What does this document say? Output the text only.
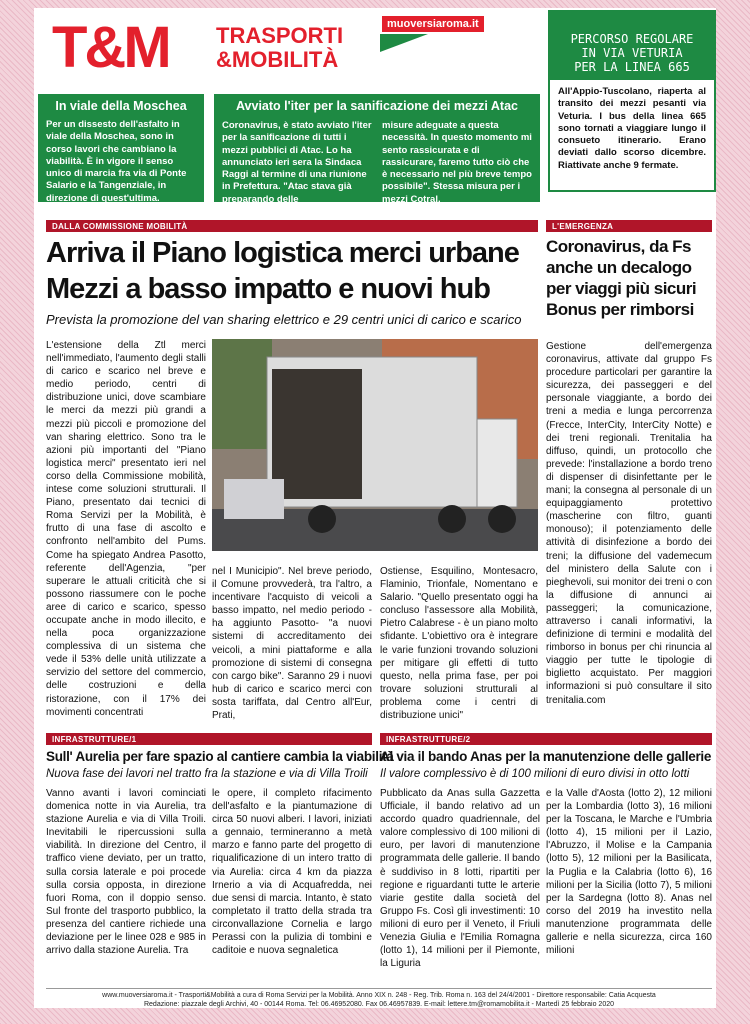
T&M TRASPORTI
&MOBILITÀ
muoversiaroma.it
PERCORSO REGOLARE
IN VIA VETURIA
PER LA LINEA 665
All'Appio-Tuscolano, riaperta al transito dei mezzi pesanti via Veturia. I bus della linea 665 sono tornati a viaggiare lungo il consueto itinerario. Erano deviati dallo scorso dicembre. Riattivate anche 9 fermate.
In viale della Moschea
Per un dissesto dell'asfalto in viale della Moschea, sono in corso lavori che cambiano la viabilità. È in vigore il senso unico di marcia fra via di Ponte Salario e la Tangenziale, in direzione di quest'ultima.
Avviato l'iter per la sanificazione dei mezzi Atac
Coronavirus, è stato avviato l'iter per la sanificazione di tutti i mezzi pubblici di Atac. Lo ha annunciato ieri sera la Sindaca Raggi al termine di una riunione in Prefettura. "Atac stava già preparando delle
misure adeguate a questa necessità. In questo momento mi sento rassicurata e di rassicurare, faremo tutto ciò che è necessario nel più breve tempo possibile". Stessa misura per i mezzi Cotral.
DALLA COMMISSIONE MOBILITÀ
Arriva il Piano logistica merci urbane
Mezzi a basso impatto e nuovi hub
Prevista la promozione del van sharing elettrico e 29 centri unici di carico e scarico
L'estensione della Ztl merci nell'immediato, l'aumento degli stalli di carico e scarico nel breve e medio periodo, centri di distribuzione unici, dove scambiare le merci da mezzi più grandi a mezzi più piccoli e promozione del van sharing elettrico. Sono tra le azioni più importanti del "Piano logistica merci" presentato ieri nel corso della Commissione mobilità, intese come soluzioni strutturali. Il Piano, presentato dai tecnici di Roma Servizi per la Mobilità, è frutto di una fase di ascolto e confronto nell'ambito del Pums. Come ha spiegato Andrea Pasotto, referente dell'Agenzia, "per superare le attuali criticità che si possono riassumere con le poche aree di carico e scarico, spesso occupate anche in modo illecito, e nella poca organizzazione complessiva di un sistema che vede il 53% delle unità utilizzate a servizio del settore del commercio, delle costruzioni e della ristorazione, con il 17% dei movimenti concentrati
nel I Municipio". Nel breve periodo, il Comune provvederà, tra l'altro, a incentivare l'acquisto di veicoli a basso impatto, nel medio periodo - ha aggiunto Pasotto- "a nuovi sistemi di accreditamento dei veicoli, a mini piattaforme e alla promozione di sistemi di consegna con cargo bike". Saranno 29 i nuovi hub di carico e scarico merci con sosta tariffata, dal Centro all'Eur, Prati,
Ostiense, Esquilino, Montesacro, Flaminio, Trionfale, Nomentano e Salario. "Quello presentato oggi ha concluso l'assessore alla Mobilità, Pietro Calabrese - è un piano molto sfidante. L'obiettivo ora è integrare le varie funzioni trovando soluzioni per mitigare gli effetti di tutto questo, nella prima fase, per poi trovare soluzioni strutturali al problema come i centri di distribuzione unici"
L'EMERGENZA
Coronavirus, da Fs
anche un decalogo
per viaggi più sicuri
Bonus per rimborsi
Gestione dell'emergenza coronavirus, attivate dal gruppo Fs procedure particolari per garantire la sicurezza, dei passeggeri e del personale viaggiante, a bordo dei treni a media e lunga percorrenza (Frecce, InterCity, InterCity Notte) e dei treni regionali. Trenitalia ha diffuso, quindi, un protocollo che prevede: l'installazione a bordo treno di dispenser di disinfettante per le mani; la consegna al personale di un equipaggiamento protettivo (mascherine con filtro, guanti monouso); il potenziamento delle attività di disinfezione a bordo dei treni; la diffusione del vademecum del ministero della Salute con i pieghevoli, sui monitor dei treni o con la diffusione di annunci ai passeggeri; la comunicazione, attraverso i canali informativi, la definizione di termini e modalità del rimborso in bonus per chi rinuncia al viaggio per tutte le tipologie di biglietto acquistato. Per maggiori informazioni si può consultare il sito trenitalia.com
INFRASTRUTTURE/1
Sull' Aurelia per fare spazio al cantiere cambia la viabilità
Nuova fase dei lavori nel tratto fra la stazione e via di Villa Troili
Vanno avanti i lavori cominciati domenica notte in via Aurelia, tra stazione Aurelia e via di Villa Troili. Inevitabili le ripercussioni sulla viabilità. In direzione del Centro, il traffico viene deviato, per un tratto, sulla corsia laterale e poi procede sulla corsia opposta, in direzione fuori Roma, con il doppio senso. Sul fronte del trasporto pubblico, la presenza del cantiere richiede una deviazione per le linee 028 e 985 in arrivo dalla stazione Aurelia. Tra
le opere, il completo rifacimento dell'asfalto e la piantumazione di circa 50 nuovi alberi. I lavori, iniziati a gennaio, termineranno a metà marzo e fanno parte del progetto di riqualificazione di un intero tratto di via Aurelia: circa 4 km da piazza Irnerio a via di Acquafredda, nei due sensi di marcia. Intanto, è stato completato il tratto della strada tra circonvallazione Cornelia e largo Perassi con la pulizia di tombini e caditoie e nuova segnaletica
INFRASTRUTTURE/2
Al via il bando Anas per la manutenzione delle gallerie
Il valore complessivo è di 100 milioni di euro divisi in otto lotti
Pubblicato da Anas sulla Gazzetta Ufficiale, il bando relativo ad un accordo quadro quadriennale, del valore complessivo di 100 milioni di euro, per lavori di manutenzione programmata delle gallerie. Il bando è suddiviso in 8 lotti, ripartiti per regione e riguardanti tutte le arterie viarie gestite dalla società del Gruppo Fs. Così gli investimenti: 10 milioni di euro per il Veneto, il Friuli Venezia Giulia e l'Emilia Romagna (lotto 1), 14 milioni per il Piemonte, la Liguria
e la Valle d'Aosta (lotto 2), 12 milioni per la Lombardia (lotto 3), 16 milioni per la Toscana, le Marche e l'Umbria (lotto 4), 15 milioni per il Lazio, l'Abruzzo, il Molise e la Campania (lotto 5), 12 milioni per la Basilicata, la Puglia e la Calabria (lotto 6), 16 milioni per la Sicilia (lotto 7), 5 milioni per la Sardegna (lotto 8). Anas nel corso del 2019 ha investito nella manutenzione programmata delle gallerie e nella sicurezza, circa 160 milioni
www.muoversiaroma.it - Trasporti&Mobilità a cura di Roma Servizi per la Mobilità. Anno XIX n. 248 - Reg. Trib. Roma n. 163 del 24/4/2001 - Direttore responsabile: Catia Acquesta
Redazione: piazzale degli Archivi, 40 - 00144 Roma. Tel: 06.46952080. Fax 06.46957839. E-mail: lettere.tm@romamobilita.it - Martedì 25 febbraio 2020
